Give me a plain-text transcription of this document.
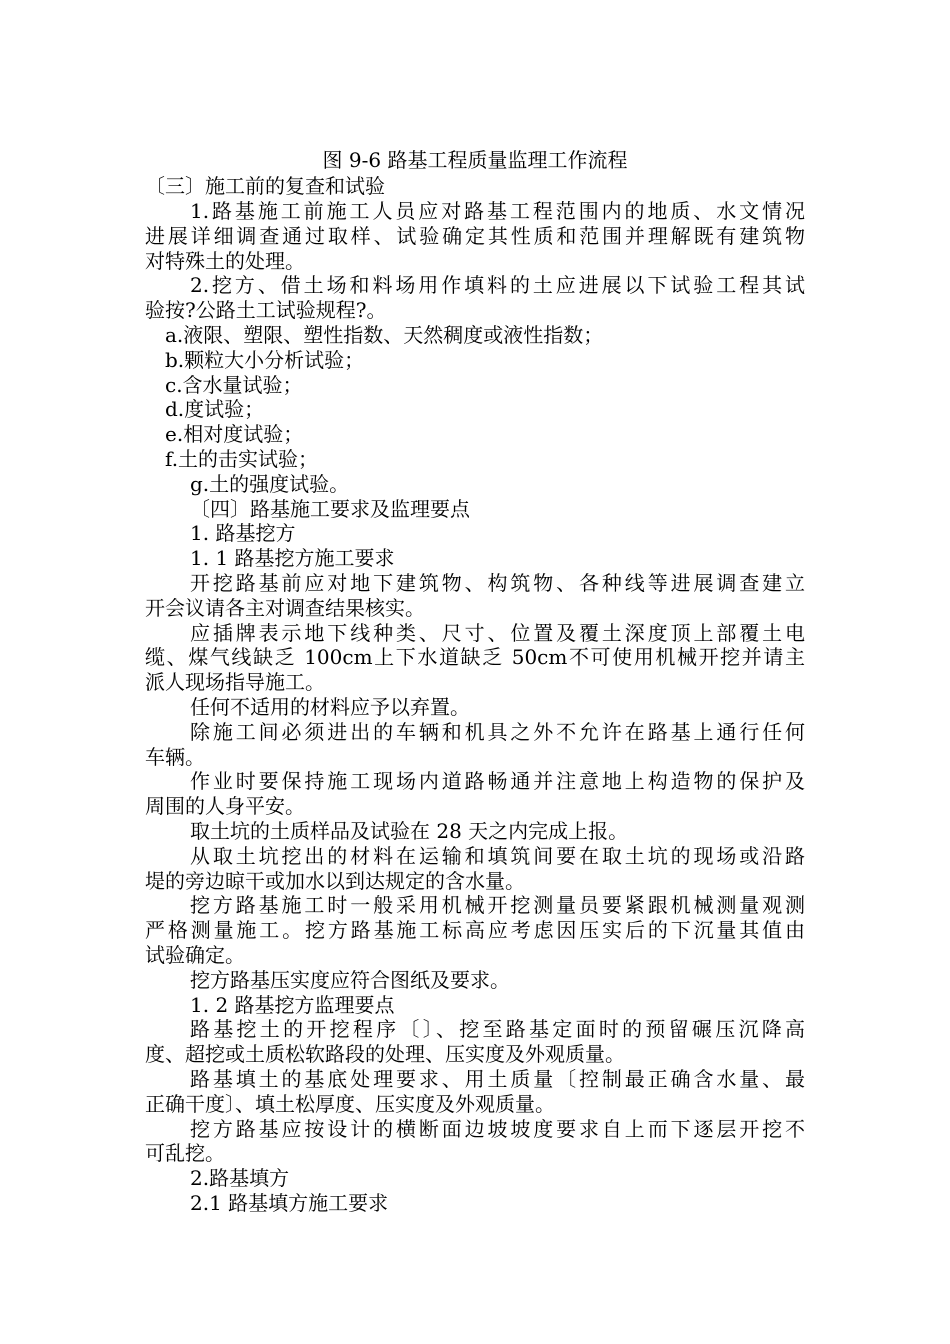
图 9-6 路基工程质量监理工作流程
〔三〕施工前的复查和试验
1.路基施工前施工人员应对路基工程范围内的地质、水文情况
进展详细调查通过取样、试验确定其性质和范围并理解既有建筑物
对特殊土的处理。
2.挖方、借土场和料场用作填料的土应进展以下试验工程其试
验按?公路土工试验规程?。
a.液限、塑限、塑性指数、天然稠度或液性指数；
b.颗粒大小分析试验；
c.含水量试验；
d.度试验；
e.相对度试验；
f.土的击实试验；
g.土的强度试验。
〔四〕路基施工要求及监理要点
1. 路基挖方
1. 1 路基挖方施工要求
开挖路基前应对地下建筑物、构筑物、各种线等进展调查建立
开会议请各主对调查结果核实。
应插牌表示地下线种类、尺寸、位置及覆土深度顶上部覆土电
缆、煤气线缺乏 100cm上下水道缺乏 50cm不可使用机械开挖并请主
派人现场指导施工。
任何不适用的材料应予以弃置。
除施工间必须进出的车辆和机具之外不允许在路基上通行任何
车辆。
作业时要保持施工现场内道路畅通并注意地上构造物的保护及
周围的人身平安。
取土坑的土质样品及试验在 28 天之内完成上报。
从取土坑挖出的材料在运输和填筑间要在取土坑的现场或沿路
堤的旁边晾干或加水以到达规定的含水量。
挖方路基施工时一般采用机械开挖测量员要紧跟机械测量观测
严格测量施工。挖方路基施工标高应考虑因压实后的下沉量其值由
试验确定。
挖方路基压实度应符合图纸及要求。
1. 2 路基挖方监理要点
路基挖土的开挖程序〔〕、挖至路基定面时的预留碾压沉降高
度、超挖或土质松软路段的处理、压实度及外观质量。
路基填土的基底处理要求、用土质量〔控制最正确含水量、最
正确干度〕、填土松厚度、压实度及外观质量。
挖方路基应按设计的横断面边坡坡度要求自上而下逐层开挖不
可乱挖。
2.路基填方
2.1 路基填方施工要求
